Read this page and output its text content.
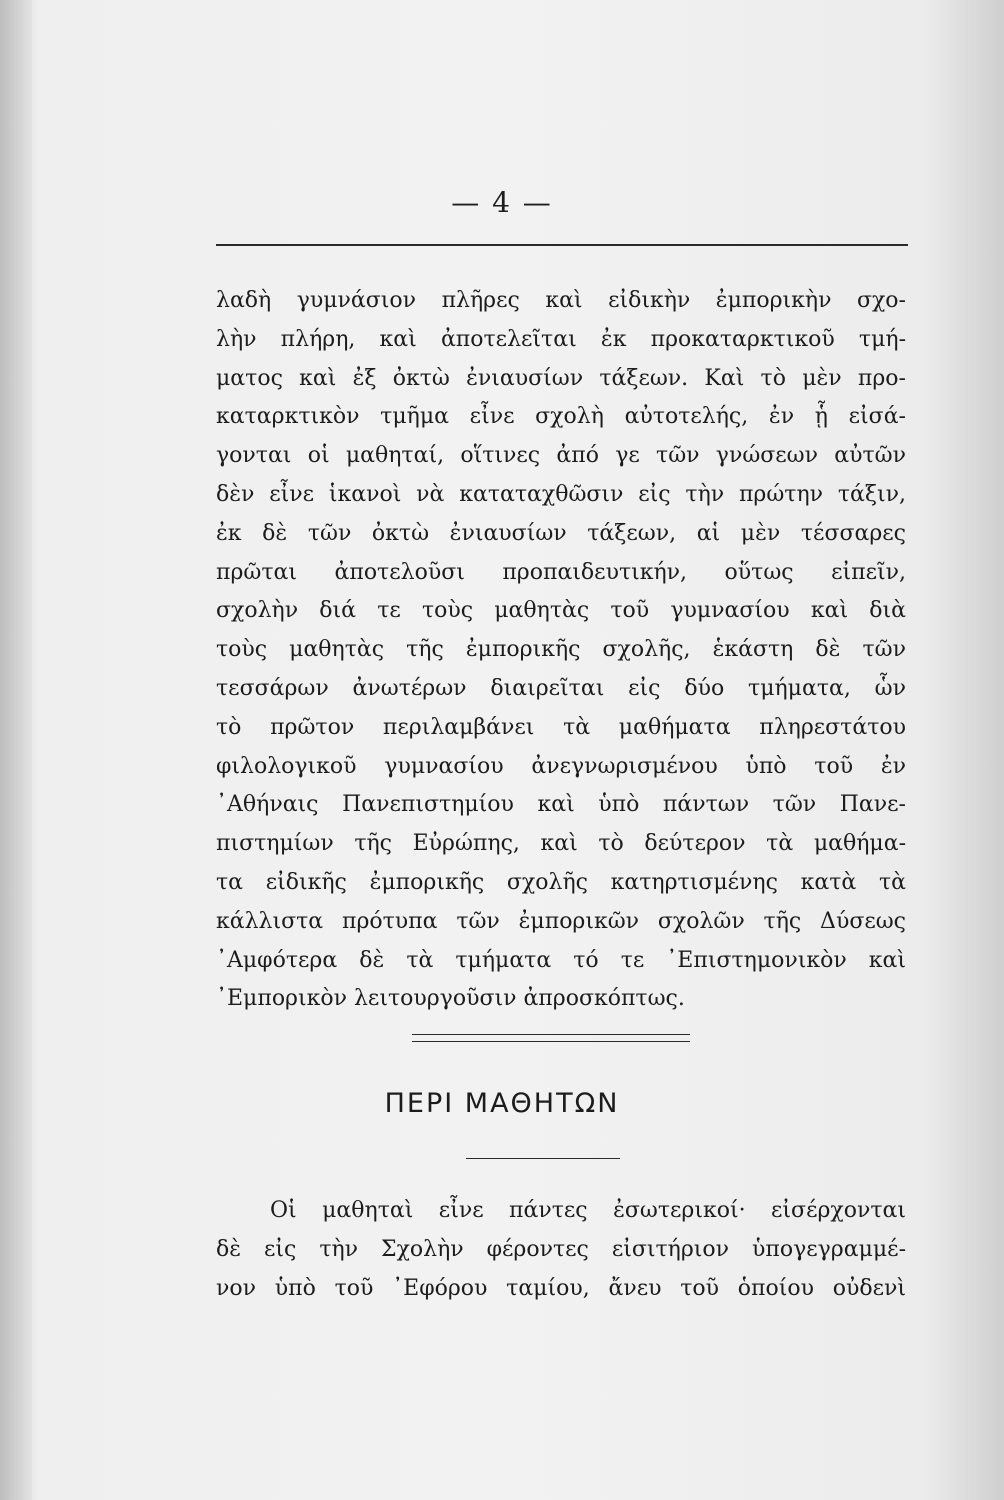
— 4 —
λαδὴ γυμνάσιον πλῆρες καὶ εἰδικὴν ἐμπορικὴν σχο-
λὴν πλήρη, καὶ ἀποτελεῖται ἐκ προκαταρκτικοῦ τμή-
ματος καὶ ἐξ ὀκτὼ ἐνιαυσίων τάξεων. Καὶ τὸ μὲν προ-
καταρκτικὸν τμῆμα εἶνε σχολὴ αὐτοτελής, ἐν ᾗ εἰσά-
γονται οἱ μαθηταί, οἵτινες ἀπό γε τῶν γνώσεων αὐτῶν
δὲν εἶνε ἱκανοὶ νὰ καταταχθῶσιν εἰς τὴν πρώτην τάξιν,
ἐκ δὲ τῶν ὀκτὼ ἐνιαυσίων τάξεων, αἱ μὲν τέσσαρες
πρῶται ἀποτελοῦσι προπαιδευτικήν, οὕτως εἰπεῖν,
σχολὴν διά τε τοὺς μαθητὰς τοῦ γυμνασίου καὶ διὰ
τοὺς μαθητὰς τῆς ἐμπορικῆς σχολῆς, ἑκάστη δὲ τῶν
τεσσάρων ἀνωτέρων διαιρεῖται εἰς δύο τμήματα, ὧν
τὸ πρῶτον περιλαμβάνει τὰ μαθήματα πληρεστάτου
φιλολογικοῦ γυμνασίου ἀνεγνωρισμένου ὑπὸ τοῦ ἐν
᾿Αθήναις Πανεπιστημίου καὶ ὑπὸ πάντων τῶν Πανε-
πιστημίων τῆς Εὐρώπης, καὶ τὸ δεύτερον τὰ μαθήμα-
τα εἰδικῆς ἐμπορικῆς σχολῆς κατηρτισμένης κατὰ τὰ
κάλλιστα πρότυπα τῶν ἐμπορικῶν σχολῶν τῆς Δύσεως
᾿Αμφότερα δὲ τὰ τμήματα τό τε ᾿Επιστημονικὸν καὶ
᾿Εμπορικὸν λειτουργοῦσιν ἀπροσκόπτως.
ΠΕΡΙ ΜΑΘΗΤΩΝ
Οἱ μαθηταὶ εἶνε πάντες ἐσωτερικοί· εἰσέρχονται
δὲ εἰς τὴν Σχολὴν φέροντες εἰσιτήριον ὑπογεγραμμέ-
νον ὑπὸ τοῦ ᾿Εφόρου ταμίου, ἄνευ τοῦ ὁποίου οὐδενὶ
